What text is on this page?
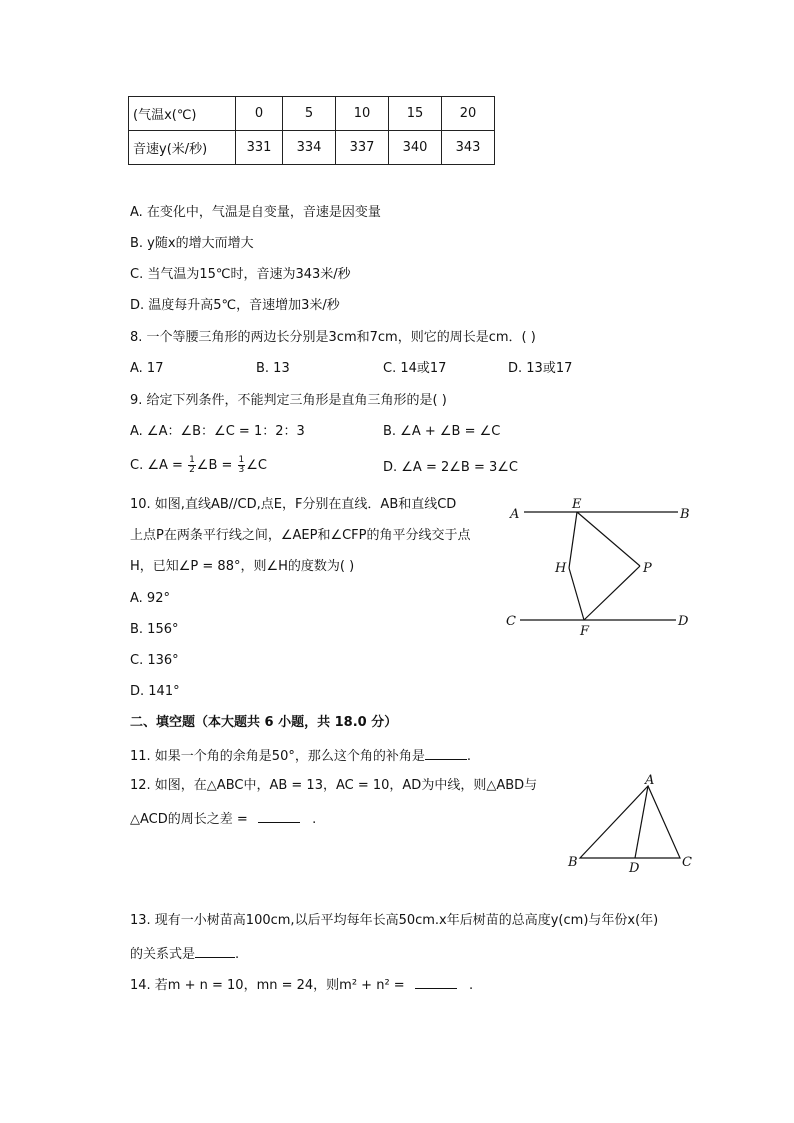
(气温x(℃)	0	5	10	15	20
音速y(米/秒)	331	334	337	340	343
A. 在变化中，气温是自变量，音速是因变量
B. y随x的增大而增大
C. 当气温为15℃时，音速为343米/秒
D. 温度每升高5℃，音速增加3米/秒
8. 一个等腰三角形的两边长分别是3cm和7cm，则它的周长是cm．( )
A. 17	B. 13	C. 14或17	D. 13或17
9. 给定下列条件，不能判定三角形是直角三角形的是( )
A. ∠A：∠B：∠C = 1：2：3	B. ∠A + ∠B = ∠C
C. ∠A = $\frac{1}{2}$ ∠B = $\frac{1}{3}$ ∠C	D. ∠A = 2∠B = 3∠C
10. 如图,直线AB//CD,点E，F分别在直线．AB和直线CD
上点P在两条平行线之间，∠AEP和∠CFP的角平分线交于点
H，已知∠P = 88°，则∠H的度数为( )
A. 92°
B. 156°
C. 136°
D. 141°
A
E
B
H	P
C
F
D
二、填空题（本大题共 6 小题，共 18.0 分）
11. 如果一个角的余角是50°，那么这个角的补角是	.
12. 如图，在△ABC中，AB = 13，AC = 10，AD为中线，则△ABD与
△ACD的周长之差 =	.
A
B	D	C
13. 现有一小树苗高100cm,以后平均每年长高50cm.x年后树苗的总高度y(cm)与年份x(年)
的关系式是	.
14. 若m + n = 10，mn = 24，则m² + n² =	.
